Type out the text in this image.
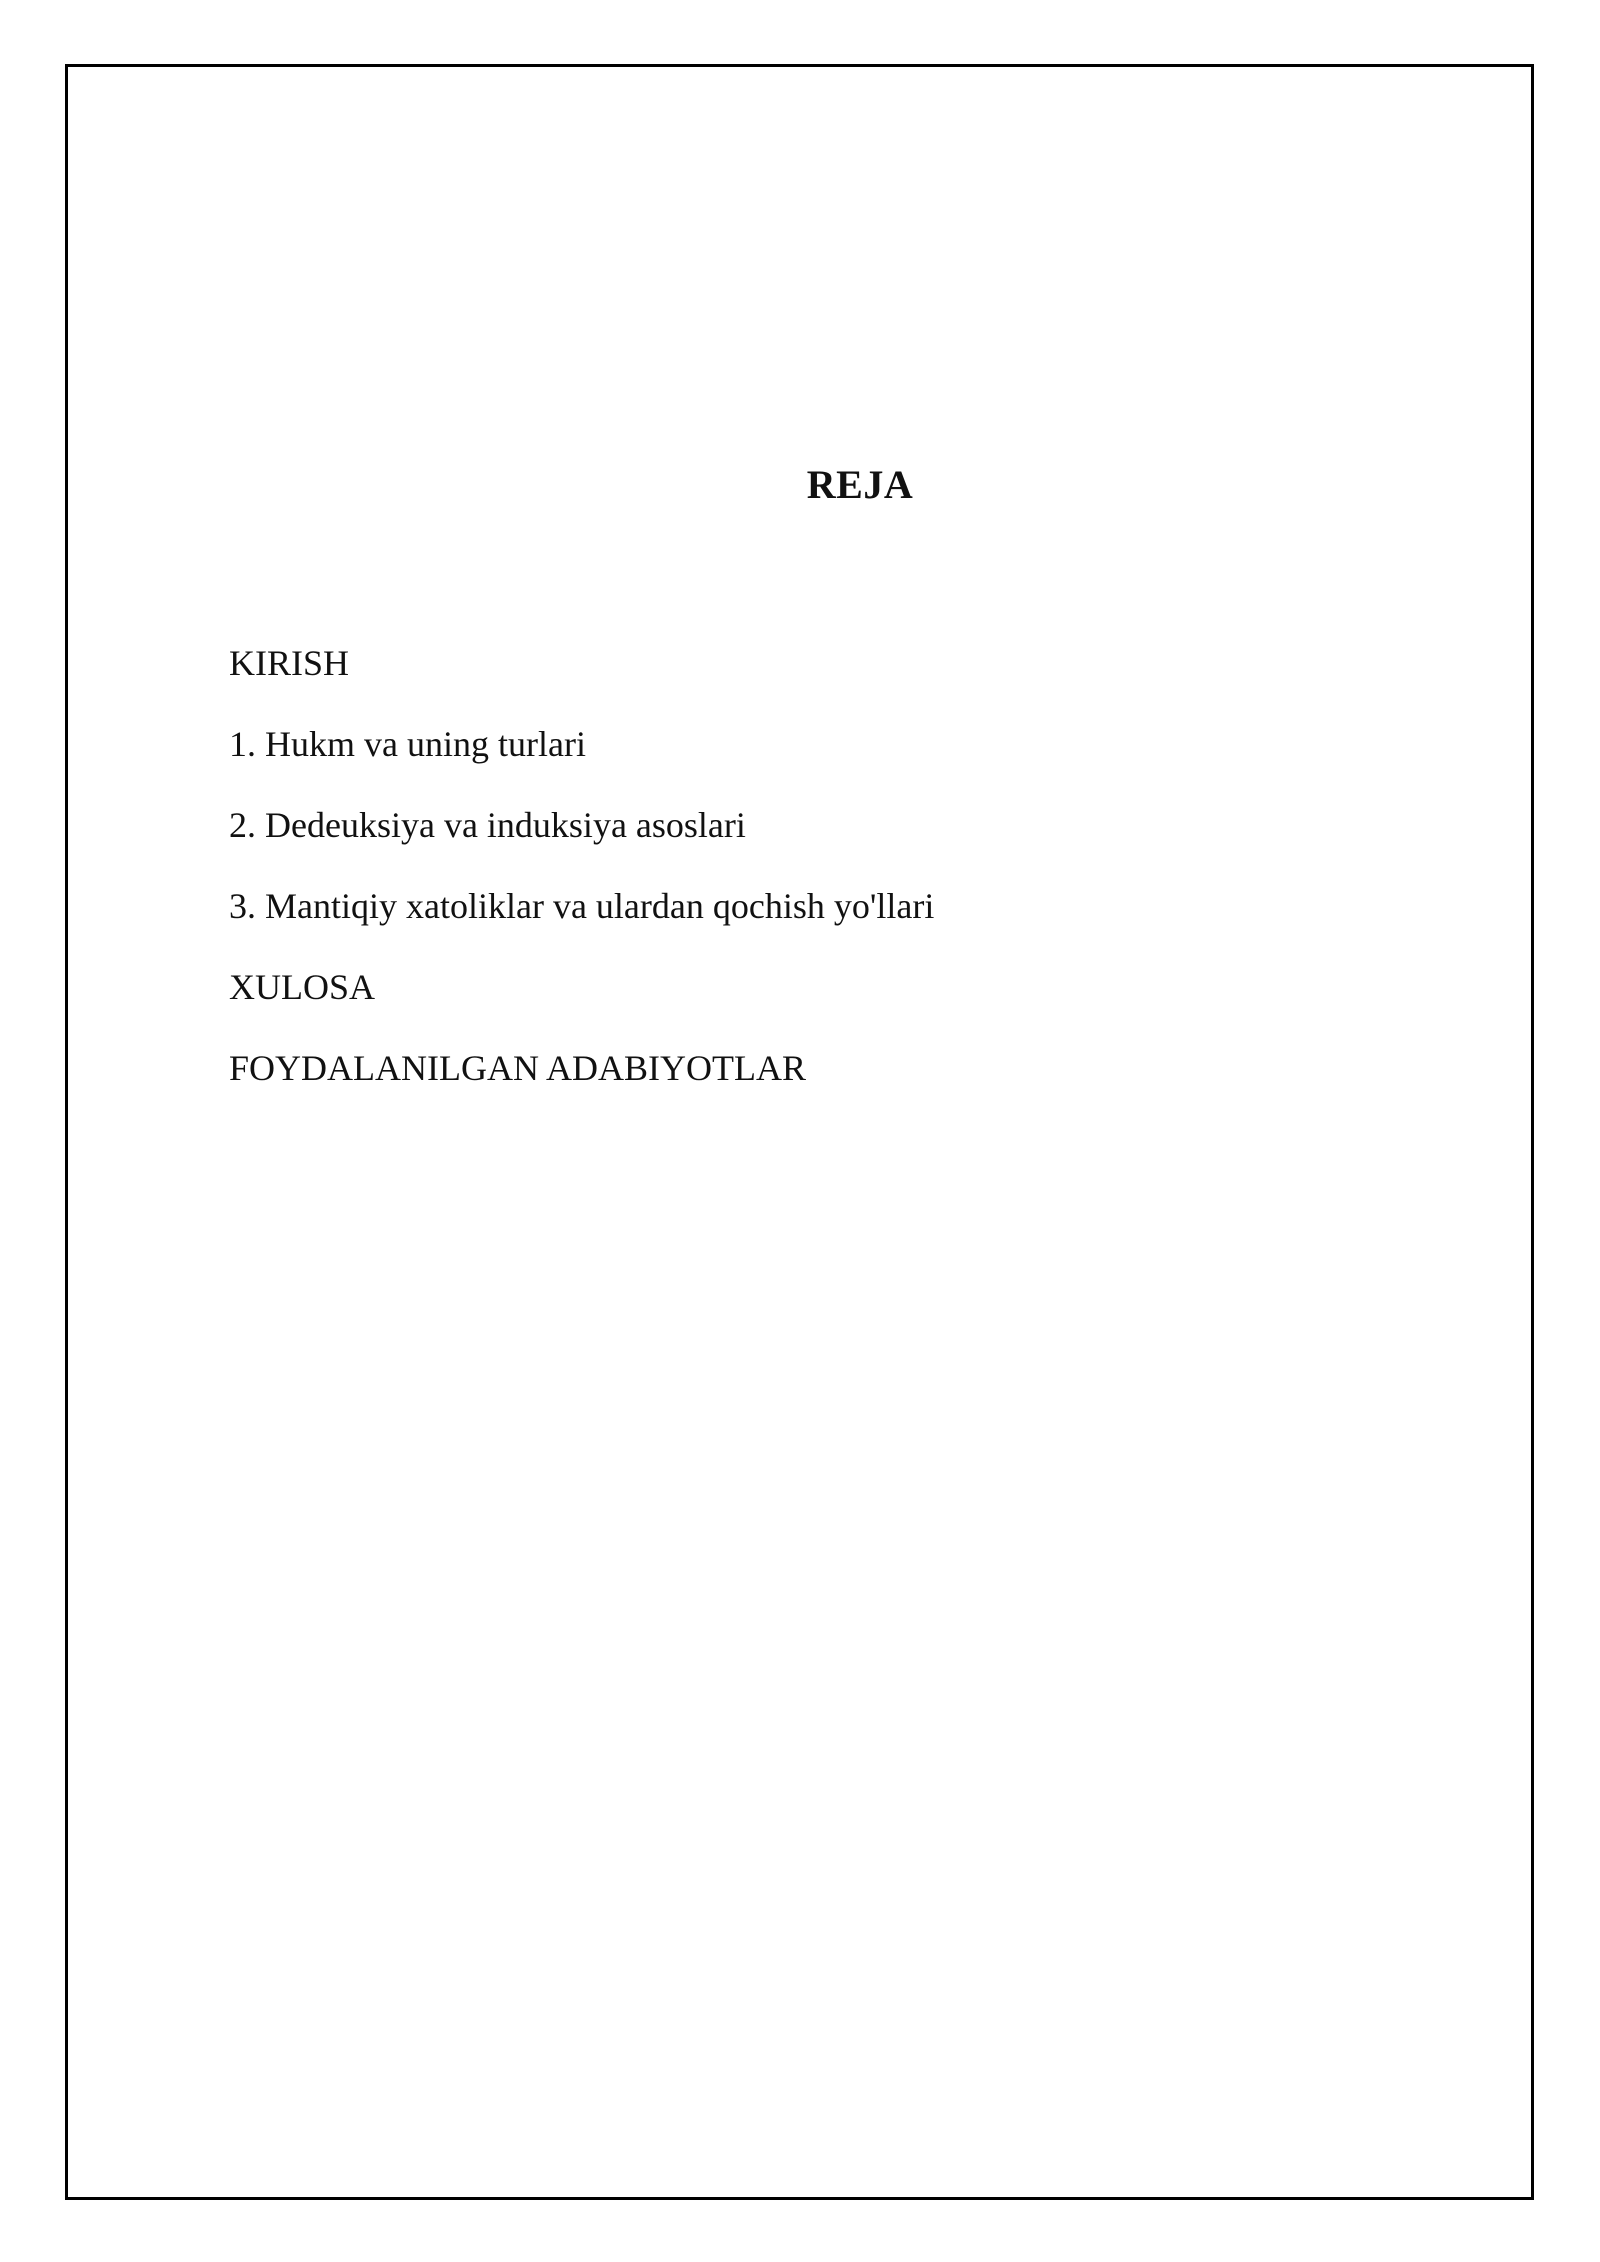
REJA
KIRISH
1. Hukm va uning turlari
2. Dedeuksiya va induksiya asoslari
3. Mantiqiy xatoliklar va ulardan qochish yo'llari
XULOSA
FOYDALANILGAN ADABIYOTLAR
